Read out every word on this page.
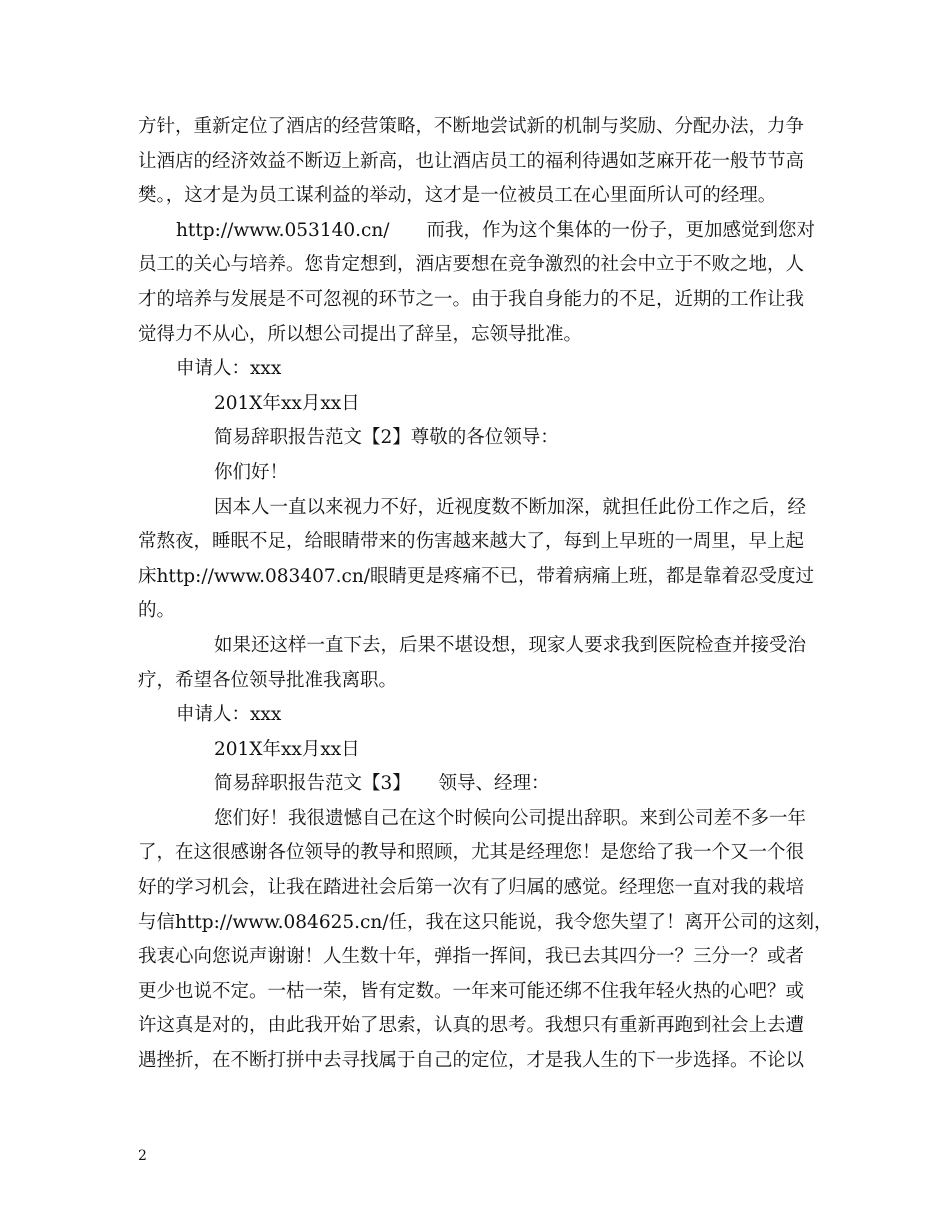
方针，重新定位了酒店的经营策略，不断地尝试新的机制与奖励、分配办法，力争
让酒店的经济效益不断迈上新高，也让酒店员工的福利待遇如芝麻开花一般节节高
樊。，这才是为员工谋利益的举动，这才是一位被员工在心里面所认可的经理。
http://www.053140.cn/　　而我，作为这个集体的一份子，更加感觉到您对
员工的关心与培养。您肯定想到，酒店要想在竞争激烈的社会中立于不败之地，人
才的培养与发展是不可忽视的环节之一。由于我自身能力的不足，近期的工作让我
觉得力不从心，所以想公司提出了辞呈，忘领导批准。
申请人：xxx
201X年xx月xx日
简易辞职报告范文【2】尊敬的各位领导：
你们好！
因本人一直以来视力不好，近视度数不断加深，就担任此份工作之后，经
常熬夜，睡眠不足，给眼睛带来的伤害越来越大了，每到上早班的一周里，早上起
床http://www.083407.cn/眼睛更是疼痛不已，带着病痛上班，都是靠着忍受度过
的。
如果还这样一直下去，后果不堪设想，现家人要求我到医院检查并接受治
疗，希望各位领导批准我离职。
申请人：xxx
201X年xx月xx日
简易辞职报告范文【3】　　领导、经理：
您们好！我很遗憾自己在这个时候向公司提出辞职。来到公司差不多一年
了，在这很感谢各位领导的教导和照顾，尤其是经理您！是您给了我一个又一个很
好的学习机会，让我在踏进社会后第一次有了归属的感觉。经理您一直对我的栽培
与信http://www.084625.cn/任，我在这只能说，我令您失望了！离开公司的这刻，
我衷心向您说声谢谢！人生数十年，弹指一挥间，我已去其四分一？三分一？或者
更少也说不定。一枯一荣，皆有定数。一年来可能还绑不住我年轻火热的心吧？或
许这真是对的，由此我开始了思索，认真的思考。我想只有重新再跑到社会上去遭
遇挫折，在不断打拼中去寻找属于自己的定位，才是我人生的下一步选择。不论以
2
